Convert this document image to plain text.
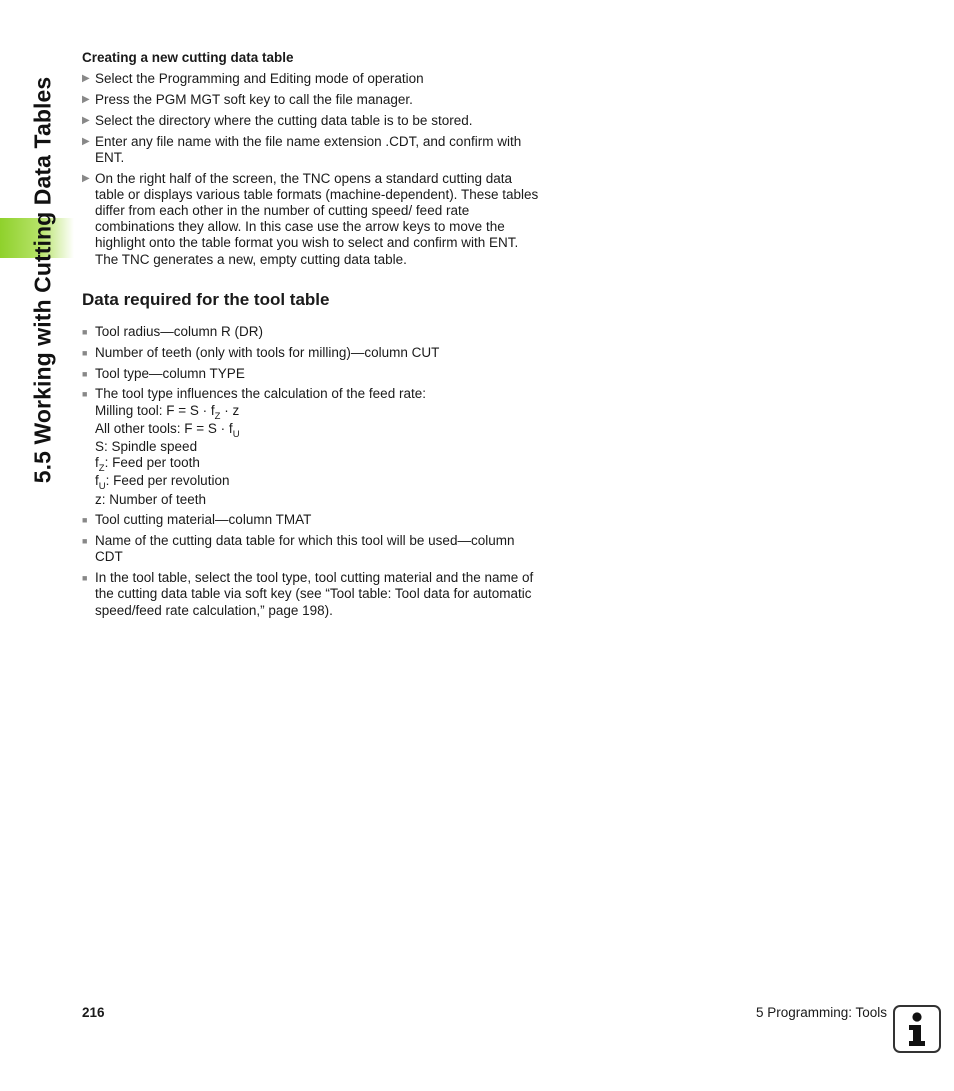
5.5 Working with Cutting Data Tables
Creating a new cutting data table
▶ Select the Programming and Editing mode of operation
▶ Press the PGM MGT soft key to call the file manager.
▶ Select the directory where the cutting data table is to be stored.
▶ Enter any file name with the file name extension .CDT, and confirm with ENT.
▶ On the right half of the screen, the TNC opens a standard cutting data table or displays various table formats (machine-dependent). These tables differ from each other in the number of cutting speed/ feed rate combinations they allow. In this case use the arrow keys to move the highlight onto the table format you wish to select and confirm with ENT. The TNC generates a new, empty cutting data table.
Data required for the tool table
■ Tool radius—column R (DR)
■ Number of teeth (only with tools for milling)—column CUT
■ Tool type—column TYPE
■ The tool type influences the calculation of the feed rate:
Milling tool: $F = S \cdot f_Z \cdot z$
All other tools: $F = S \cdot f_U$
S: Spindle speed
$f_Z$: Feed per tooth
$f_U$: Feed per revolution
z: Number of teeth
■ Tool cutting material—column TMAT
■ Name of the cutting data table for which this tool will be used—column CDT
■ In the tool table, select the tool type, tool cutting material and the name of the cutting data table via soft key (see “Tool table: Tool data for automatic speed/feed rate calculation,” page 198).
216	5 Programming: Tools
